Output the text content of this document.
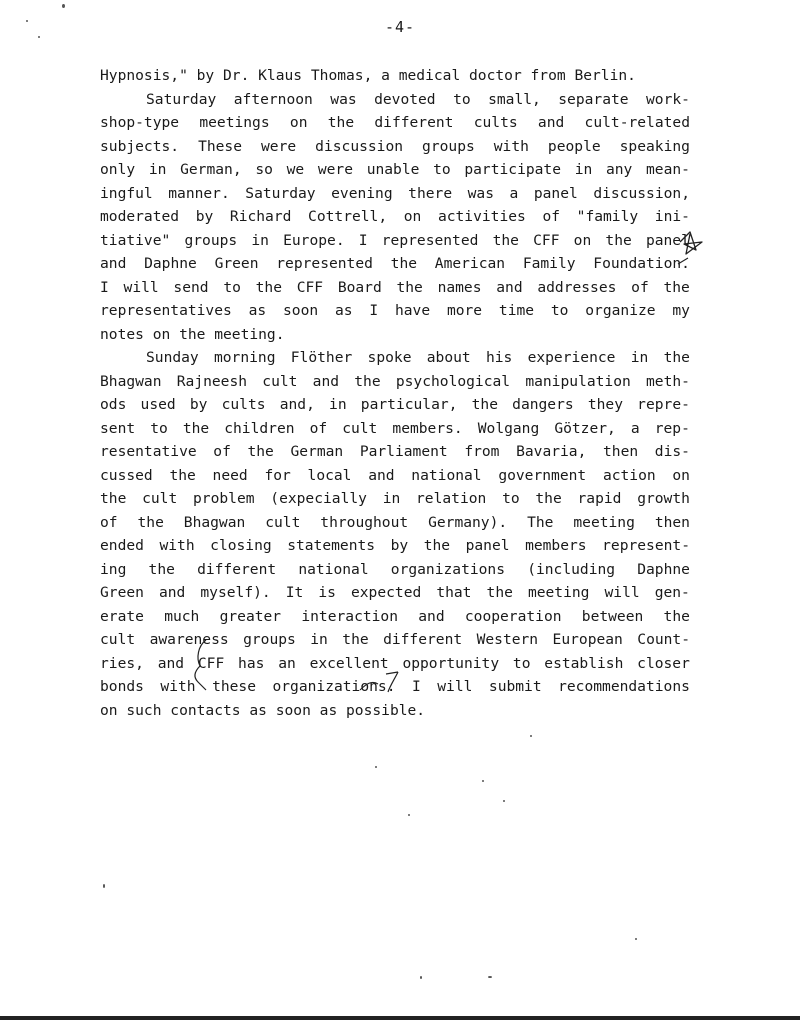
-4-
Hypnosis," by Dr. Klaus Thomas, a medical doctor from Berlin.
Saturday afternoon was devoted to small, separate work-
shop-type meetings on the different cults and cult-related
subjects. These were discussion groups with people speaking
only in German, so we were unable to participate in any mean-
ingful manner. Saturday evening there was a panel discussion,
moderated by Richard Cottrell, on activities of "family ini-
tiative" groups in Europe. I represented the CFF on the panel
and Daphne Green represented the American Family Foundation.
I will send to the CFF Board the names and addresses of the
representatives as soon as I have more time to organize my
notes on the meeting.
Sunday morning Flöther spoke about his experience in the
Bhagwan Rajneesh cult and the psychological manipulation meth-
ods used by cults and, in particular, the dangers they repre-
sent to the children of cult members. Wolgang Götzer, a rep-
resentative of the German Parliament from Bavaria, then dis-
cussed the need for local and national government action on
the cult problem (expecially in relation to the rapid growth
of the Bhagwan cult throughout Germany). The meeting then
ended with closing statements by the panel members represent-
ing the different national organizations (including Daphne
Green and myself). It is expected that the meeting will gen-
erate much greater interaction and cooperation between the
cult awareness groups in the different Western European Count-
ries, and CFF has an excellent opportunity to establish closer
bonds with these organizations. I will submit recommendations
on such contacts as soon as possible.
